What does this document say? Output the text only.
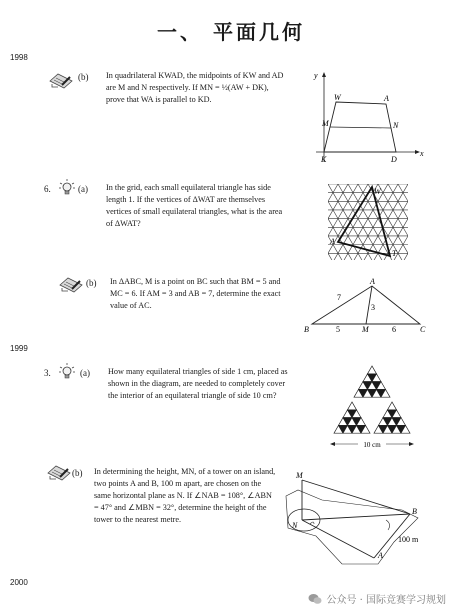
一、 平面几何
1998
(b) In quadrilateral KWAD, the midpoints of KW and AD are M and N respectively. If MN = ½(AW + DK), prove that WA is parallel to KD.
y
x
W	A
M	N
K	D
6.	(a) In the grid, each small equilateral triangle has side length 1. If the vertices of ΔWAT are themselves vertices of small equilateral triangles, what is the area of ΔWAT?
W
A
T
(b) In ΔABC, M is a point on BC such that BM = 5 and MC = 6. If AM = 3 and AB = 7, determine the exact value of AC.
A
B	M	C
7
3
5	6
1999
3.	(a) How many equilateral triangles of side 1 cm, placed as shown in the diagram, are needed to completely cover the interior of an equilateral triangle of side 10 cm?
10 cm
(b) In determining the height, MN, of a tower on an island, two points A and B, 100 m apart, are chosen on the same horizontal plane as N. If ∠NAB = 108°, ∠ABN = 47° and ∠MBN = 32°, determine the height of the tower to the nearest metre.
M
N
B
A
100 m
2000
公众号 · 国际竞赛学习规划
